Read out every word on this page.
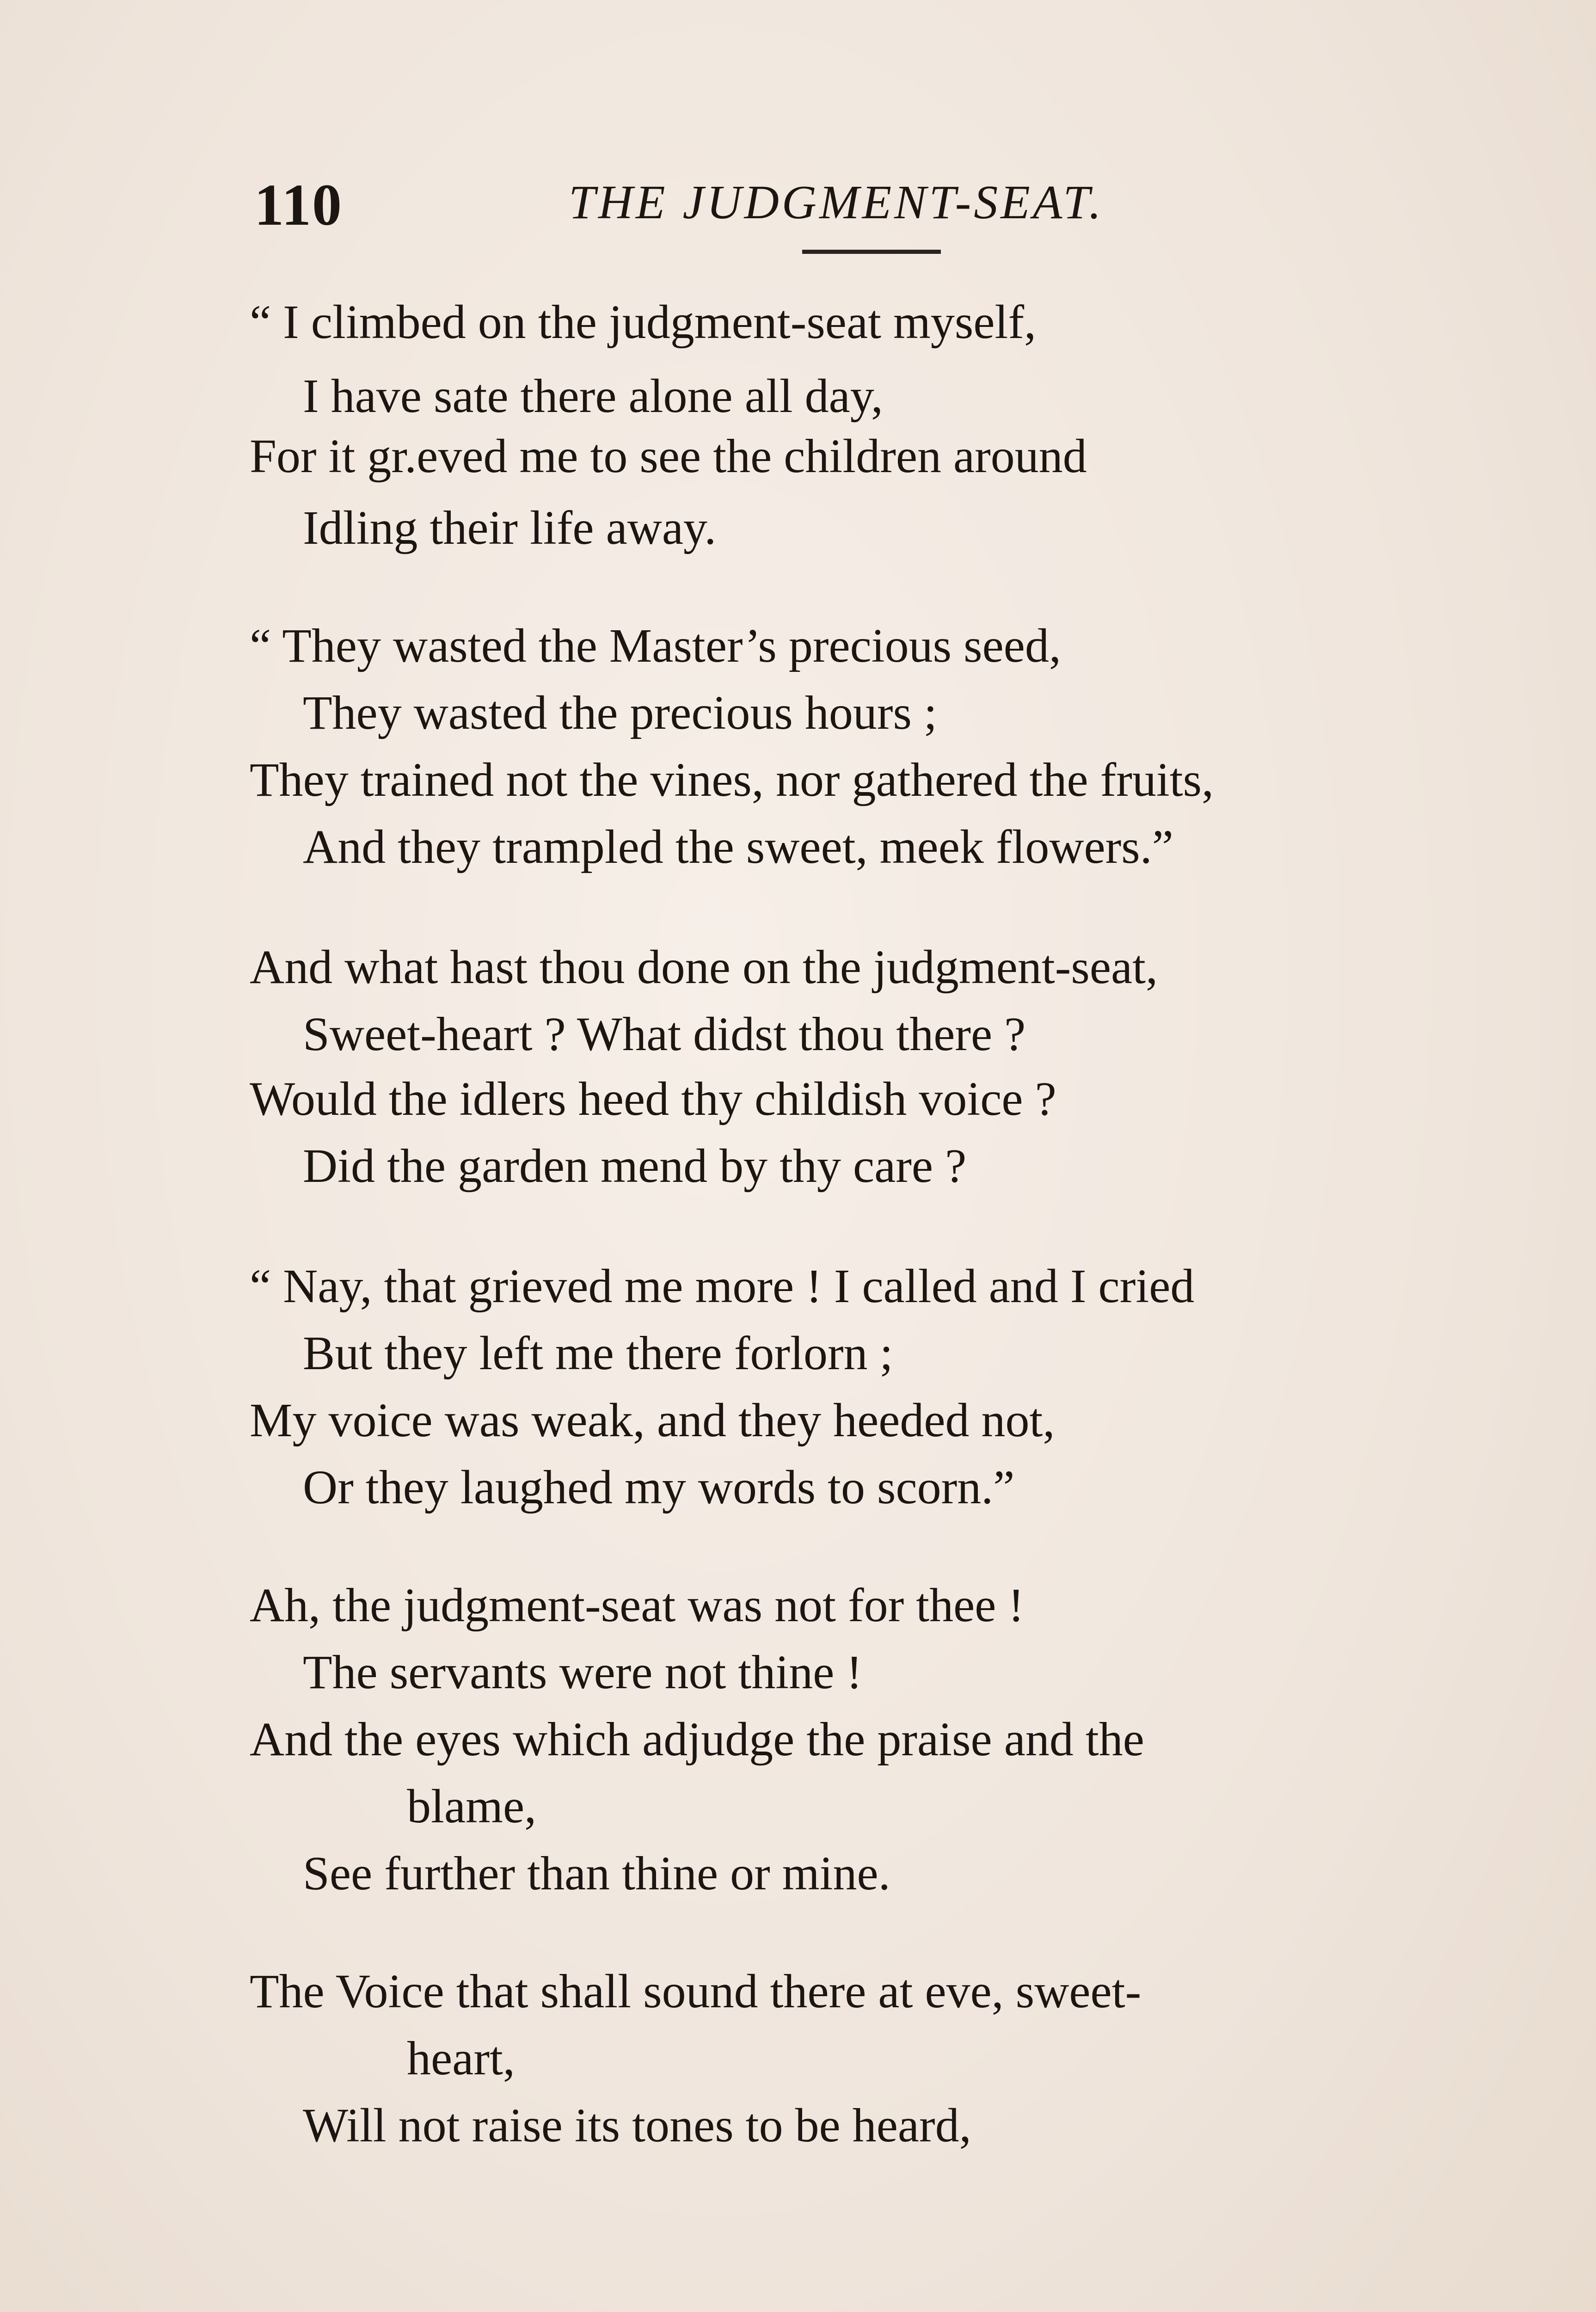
110	THE JUDGMENT-SEAT.
“ I climbed on the judgment-seat myself,
I have sate there alone all day,
For it gr.eved me to see the children around
Idling their life away.
“ They wasted the Master’s precious seed,
They wasted the precious hours ;
They trained not the vines, nor gathered the fruits,
And they trampled the sweet, meek flowers.”
And what hast thou done on the judgment-seat,
Sweet-heart ? What didst thou there ?
Would the idlers heed thy childish voice ?
Did the garden mend by thy care ?
“ Nay, that grieved me more ! I called and I cried
But they left me there forlorn ;
My voice was weak, and they heeded not,
Or they laughed my words to scorn.”
Ah, the judgment-seat was not for thee !
The servants were not thine !
And the eyes which adjudge the praise and the
blame,
See further than thine or mine.
The Voice that shall sound there at eve, sweet-
heart,
Will not raise its tones to be heard,
